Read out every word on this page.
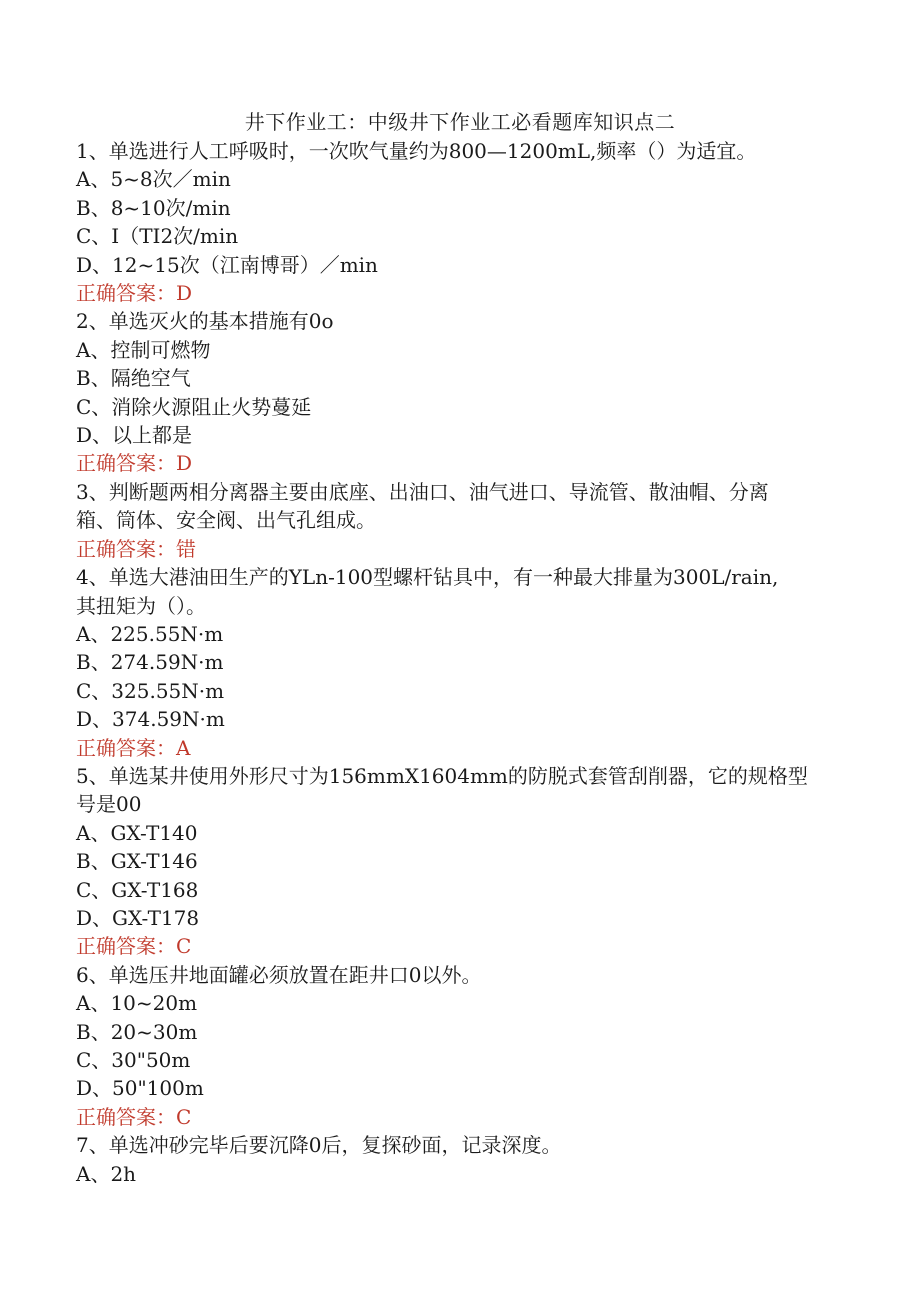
井下作业工：中级井下作业工必看题库知识点二
1、单选进行人工呼吸时，一次吹气量约为800—1200mL,频率（）为适宜。
A、5~8次／min
B、8~10次/min
C、I（TI2次/min
D、12~15次（江南博哥）／min
正确答案：D
2、单选灭火的基本措施有0o
A、控制可燃物
B、隔绝空气
C、消除火源阻止火势蔓延
D、以上都是
正确答案：D
3、判断题两相分离器主要由底座、出油口、油气进口、导流管、散油帽、分离
箱、筒体、安全阀、出气孔组成。
正确答案：错
4、单选大港油田生产的YLn-100型螺杆钻具中，有一种最大排量为300L/rain,
其扭矩为（）。
A、225.55N·m
B、274.59N·m
C、325.55N·m
D、374.59N·m
正确答案：A
5、单选某井使用外形尺寸为156mmX1604mm的防脱式套管刮削器，它的规格型
号是00
A、GX-T140
B、GX-T146
C、GX-T168
D、GX-T178
正确答案：C
6、单选压井地面罐必须放置在距井口0以外。
A、10~20m
B、20~30m
C、30"50m
D、50"100m
正确答案：C
7、单选冲砂完毕后要沉降0后，复探砂面，记录深度。
A、2h
